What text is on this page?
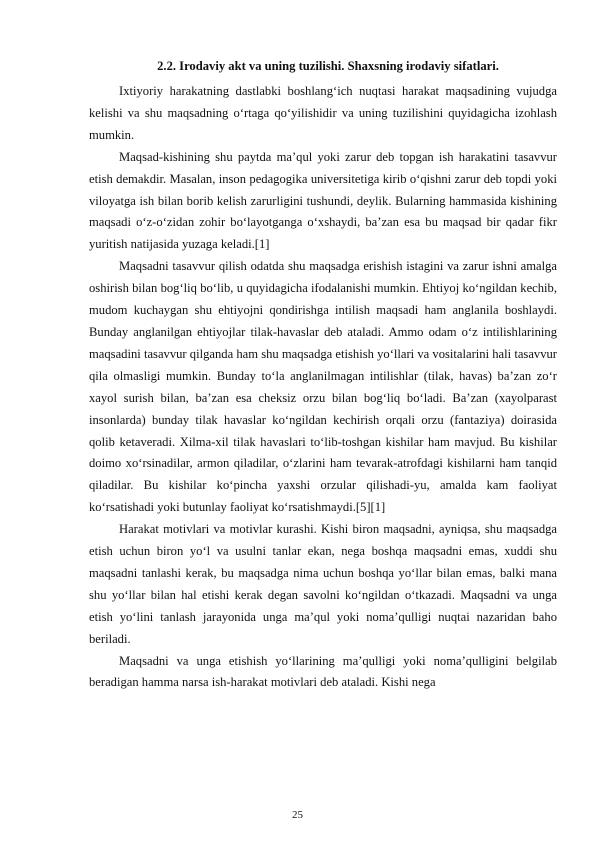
2.2. Irodaviy akt va uning tuzilishi. Shaxsning irodaviy sifatlari.

Ixtiyoriy harakatning dastlabki boshlang‘ich nuqtasi harakat maqsadining vujudga kelishi va shu maqsadning o‘rtaga qo‘yilishidir va uning tuzilishini quyidagicha izohlash mumkin.

Maqsad-kishining shu paytda ma’qul yoki zarur deb topgan ish harakatini tasavvur etish demakdir. Masalan, inson pedagogika universitetiga kirib o‘qishni zarur deb topdi yoki viloyatga ish bilan borib kelish zarurligini tushundi, deylik. Bularning hammasida kishining maqsadi o‘z-o‘zidan zohir bo‘layotganga o‘xshaydi, ba’zan esa bu maqsad bir qadar fikr yuritish natijasida yuzaga keladi.[1]

Maqsadni tasavvur qilish odatda shu maqsadga erishish istagini va zarur ishni amalga oshirish bilan bog‘liq bo‘lib, u quyidagicha ifodalanishi mumkin. Ehtiyoj ko‘ngildan kechib, mudom kuchaygan shu ehtiyojni qondirishga intilish maqsadi ham anglanila boshlaydi. Bunday anglanilgan ehtiyojlar tilak-havaslar deb ataladi. Ammo odam o‘z intilishlarining maqsadini tasavvur qilganda ham shu maqsadga etishish yo‘llari va vositalarini hali tasavvur qila olmasligi mumkin. Bunday to‘la anglanilmagan intilishlar (tilak, havas) ba’zan zo‘r xayol surish bilan, ba’zan esa cheksiz orzu bilan bog‘liq bo‘ladi. Ba’zan (xayolparast insonlarda) bunday tilak havaslar ko‘ngildan kechirish orqali orzu (fantaziya) doirasida qolib ketaveradi. Xilma-xil tilak havaslari to‘lib-toshgan kishilar ham mavjud. Bu kishilar doimo xo‘rsinadilar, armon qiladilar, o‘zlarini ham tevarak-atrofdagi kishilarni ham tanqid qiladilar. Bu kishilar ko‘pincha yaxshi orzular qilishadi-yu, amalda kam faoliyat ko‘rsatishadi yoki butunlay faoliyat ko‘rsatishmaydi.[5][1]

Harakat motivlari va motivlar kurashi. Kishi biron maqsadni, ayniqsa, shu maqsadga etish uchun biron yo‘l va usulni tanlar ekan, nega boshqa maqsadni emas, xuddi shu maqsadni tanlashi kerak, bu maqsadga nima uchun boshqa yo‘llar bilan emas, balki mana shu yo‘llar bilan hal etishi kerak degan savolni ko‘ngildan o‘tkazadi. Maqsadni va unga etish yo‘lini tanlash jarayonida unga ma’qul yoki noma’qulligi nuqtai nazaridan baho beriladi.

Maqsadni va unga etishish yo‘llarining ma’qulligi yoki noma’qulligini belgilab beradigan hamma narsa ish-harakat motivlari deb ataladi. Kishi nega

25
